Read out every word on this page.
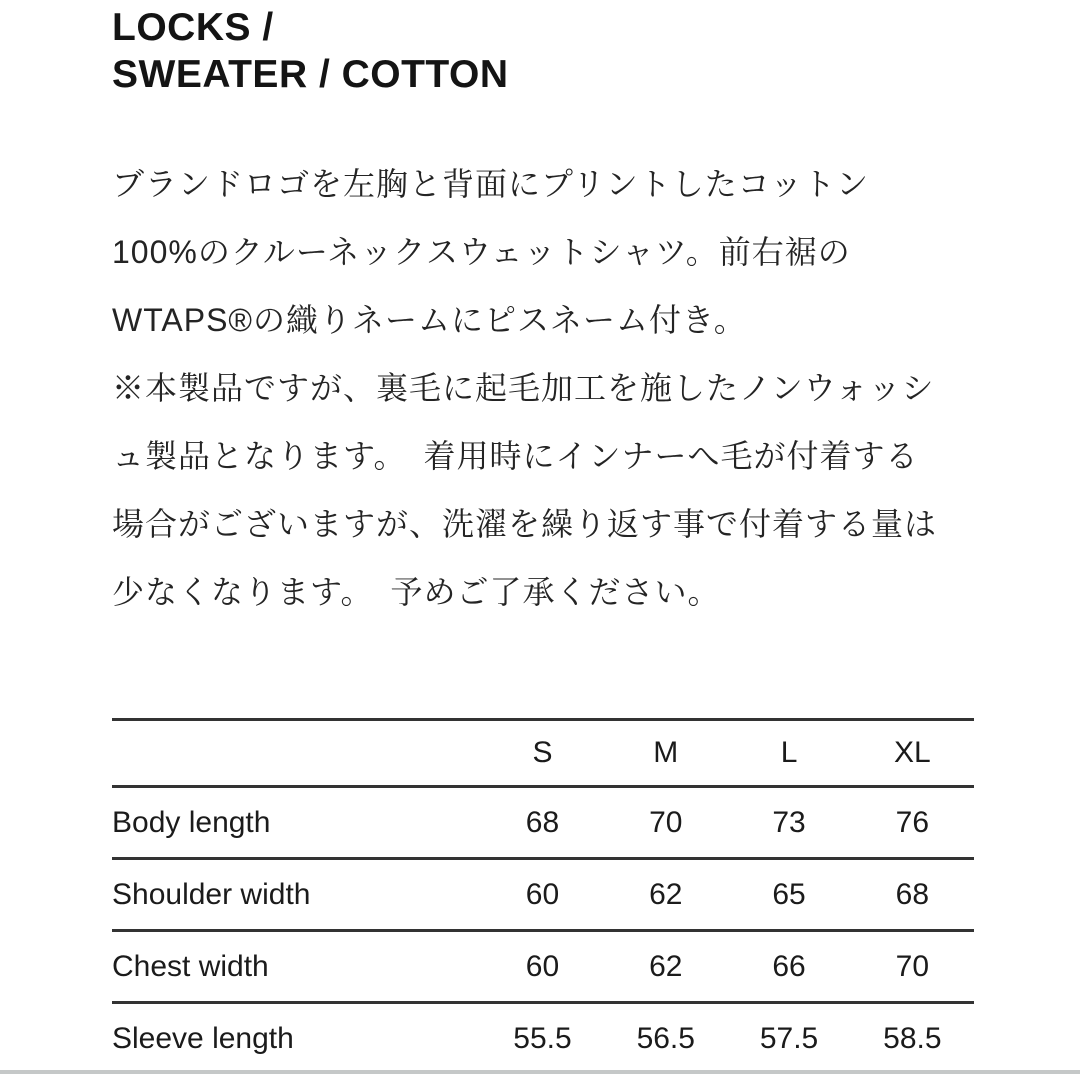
LOCKS /
SWEATER / COTTON
ブランドロゴを左胸と背面にプリントしたコットン
100%のクルーネックスウェットシャツ。前右裾の
WTAPS®の織りネームにピスネーム付き。
※本製品ですが、裏毛に起毛加工を施したノンウォッシ
ュ製品となります。　着用時にインナーへ毛が付着する
場合がございますが、洗濯を繰り返す事で付着する量は
少なくなります。　予めご了承ください。
	S	M	L	XL
Body length	68	70	73	76
Shoulder width	60	62	65	68
Chest width	60	62	66	70
Sleeve length	55.5	56.5	57.5	58.5
